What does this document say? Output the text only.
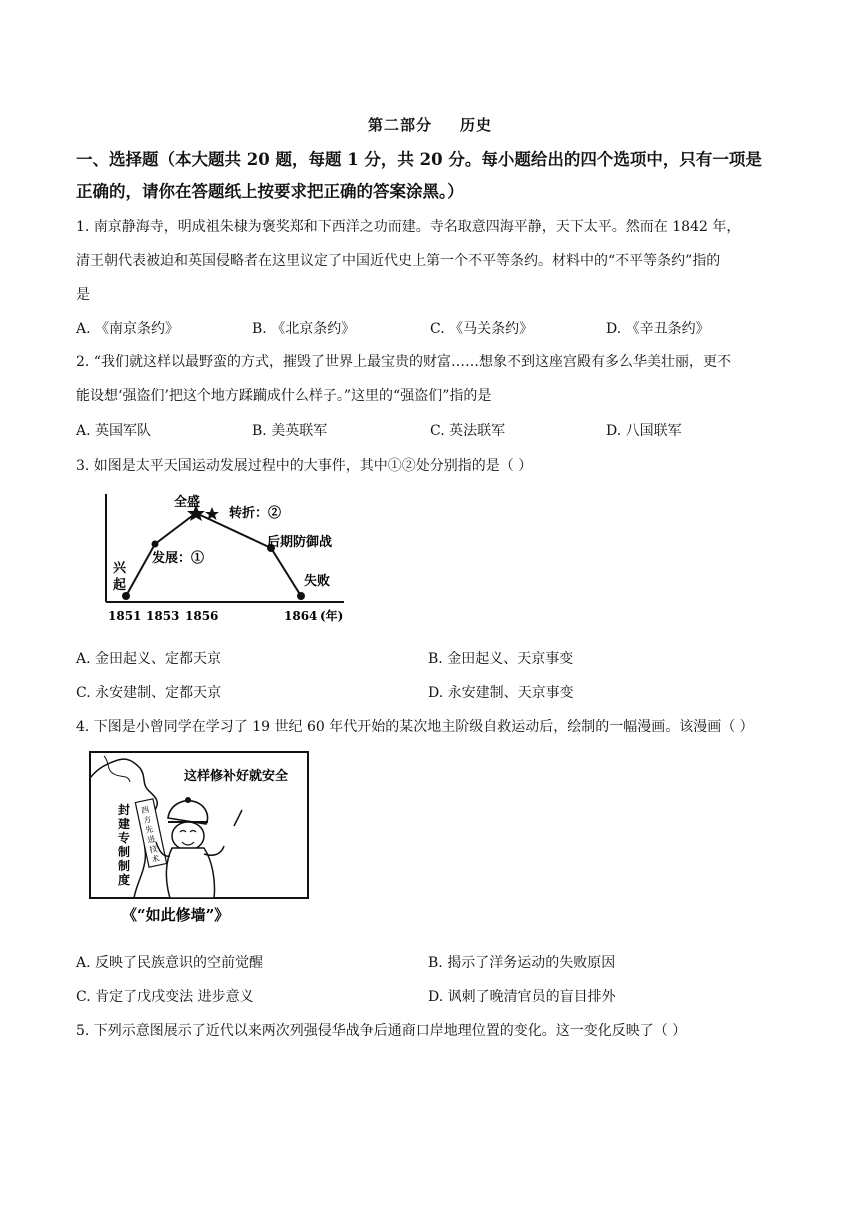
第二部分 历史
一、选择题（本大题共 20 题，每题 1 分，共 20 分。每小题给出的四个选项中，只有一项是
正确的，请你在答题纸上按要求把正确的答案涂黑。）
1. 南京静海寺，明成祖朱棣为褒奖郑和下西洋之功而建。寺名取意四海平静，天下太平。然而在 1842 年，
清王朝代表被迫和英国侵略者在这里议定了中国近代史上第一个不平等条约。材料中的“不平等条约”指的
是
A. 《南京条约》	B. 《北京条约》	C. 《马关条约》	D. 《辛丑条约》
2. “我们就这样以最野蛮的方式，摧毁了世界上最宝贵的财富……想象不到这座宫殿有多么华美壮丽，更不
能设想‘强盗们’把这个地方蹂躏成什么样子。”这里的“强盗们”指的是
A. 英国军队	B. 美英联军	C. 英法联军	D. 八国联军
3. 如图是太平天国运动发展过程中的大事件，其中①②处分别指的是（ ）
兴
起
发展：①
全盛
转折：②
后期防御战
失败
1851 1853 1856	1864 (年)
A. 金田起义、定都天京	B. 金田起义、天京事变
C. 永安建制、定都天京	D. 永安建制、天京事变
4. 下图是小曾同学在学习了 19 世纪 60 年代开始的某次地主阶级自救运动后，绘制的一幅漫画。该漫画（ ）
封
建
专
制
制
度
西
方
先
进
技
术
这样修补好就安全
《“如此修墙”》
A. 反映了民族意识的空前觉醒	B. 揭示了洋务运动的失败原因
C. 肯定了戊戌变法 进步意义	D. 讽刺了晚清官员的盲目排外
5. 下列示意图展示了近代以来两次列强侵华战争后通商口岸地理位置的变化。这一变化反映了（ ）
